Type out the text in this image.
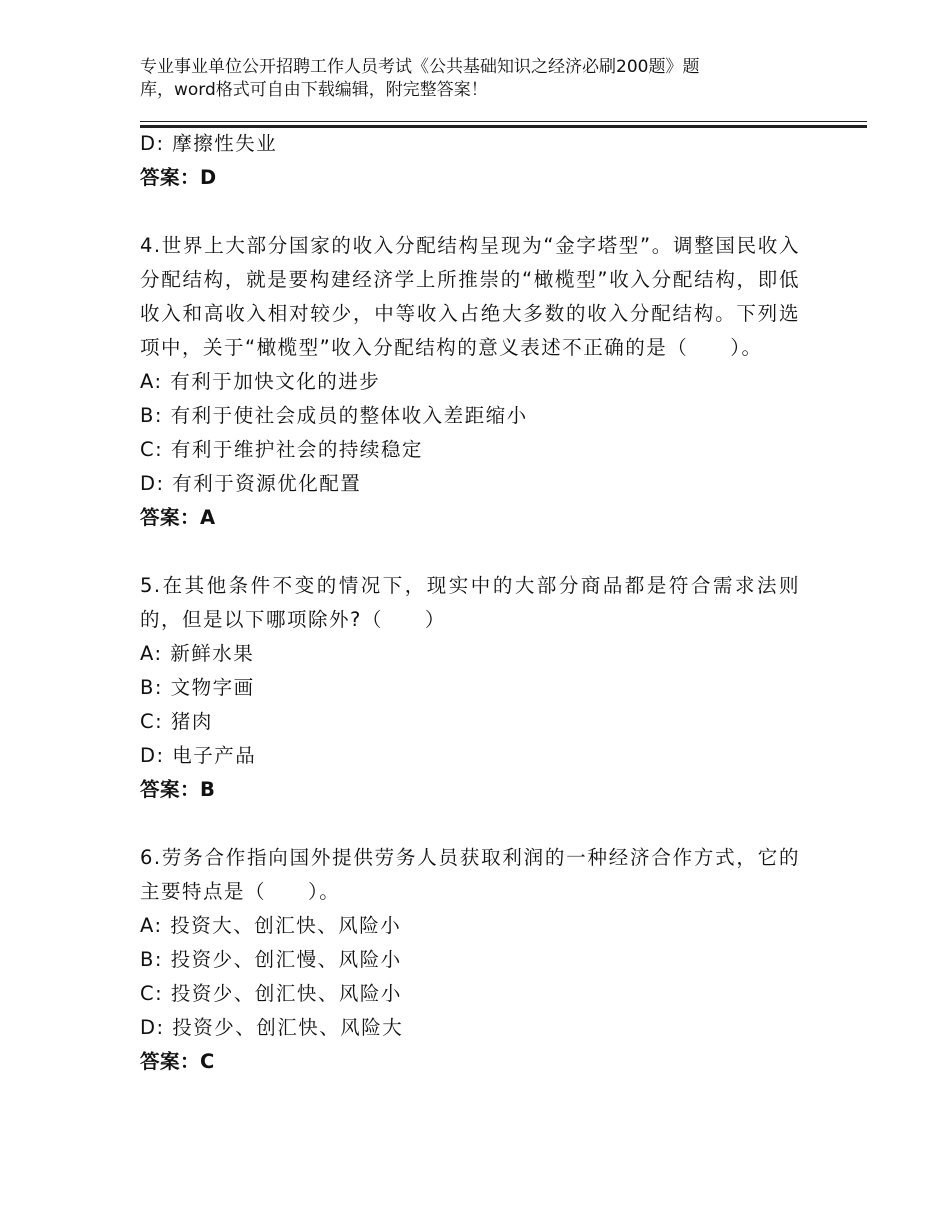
专业事业单位公开招聘工作人员考试《公共基础知识之经济必刷200题》题
库，word格式可自由下载编辑，附完整答案！
D: 摩擦性失业
答案：D
4.世界上大部分国家的收入分配结构呈现为“金字塔型”。调整国民收入分配结构，就是要构建经济学上所推崇的“橄榄型”收入分配结构，即低收入和高收入相对较少，中等收入占绝大多数的收入分配结构。下列选项中，关于“橄榄型”收入分配结构的意义表述不正确的是（　　）。
A: 有利于加快文化的进步
B: 有利于使社会成员的整体收入差距缩小
C: 有利于维护社会的持续稳定
D: 有利于资源优化配置
答案：A
5.在其他条件不变的情况下，现实中的大部分商品都是符合需求法则的，但是以下哪项除外?（　　）
A: 新鲜水果
B: 文物字画
C: 猪肉
D: 电子产品
答案：B
6.劳务合作指向国外提供劳务人员获取利润的一种经济合作方式，它的主要特点是（　　）。
A: 投资大、创汇快、风险小
B: 投资少、创汇慢、风险小
C: 投资少、创汇快、风险小
D: 投资少、创汇快、风险大
答案：C
